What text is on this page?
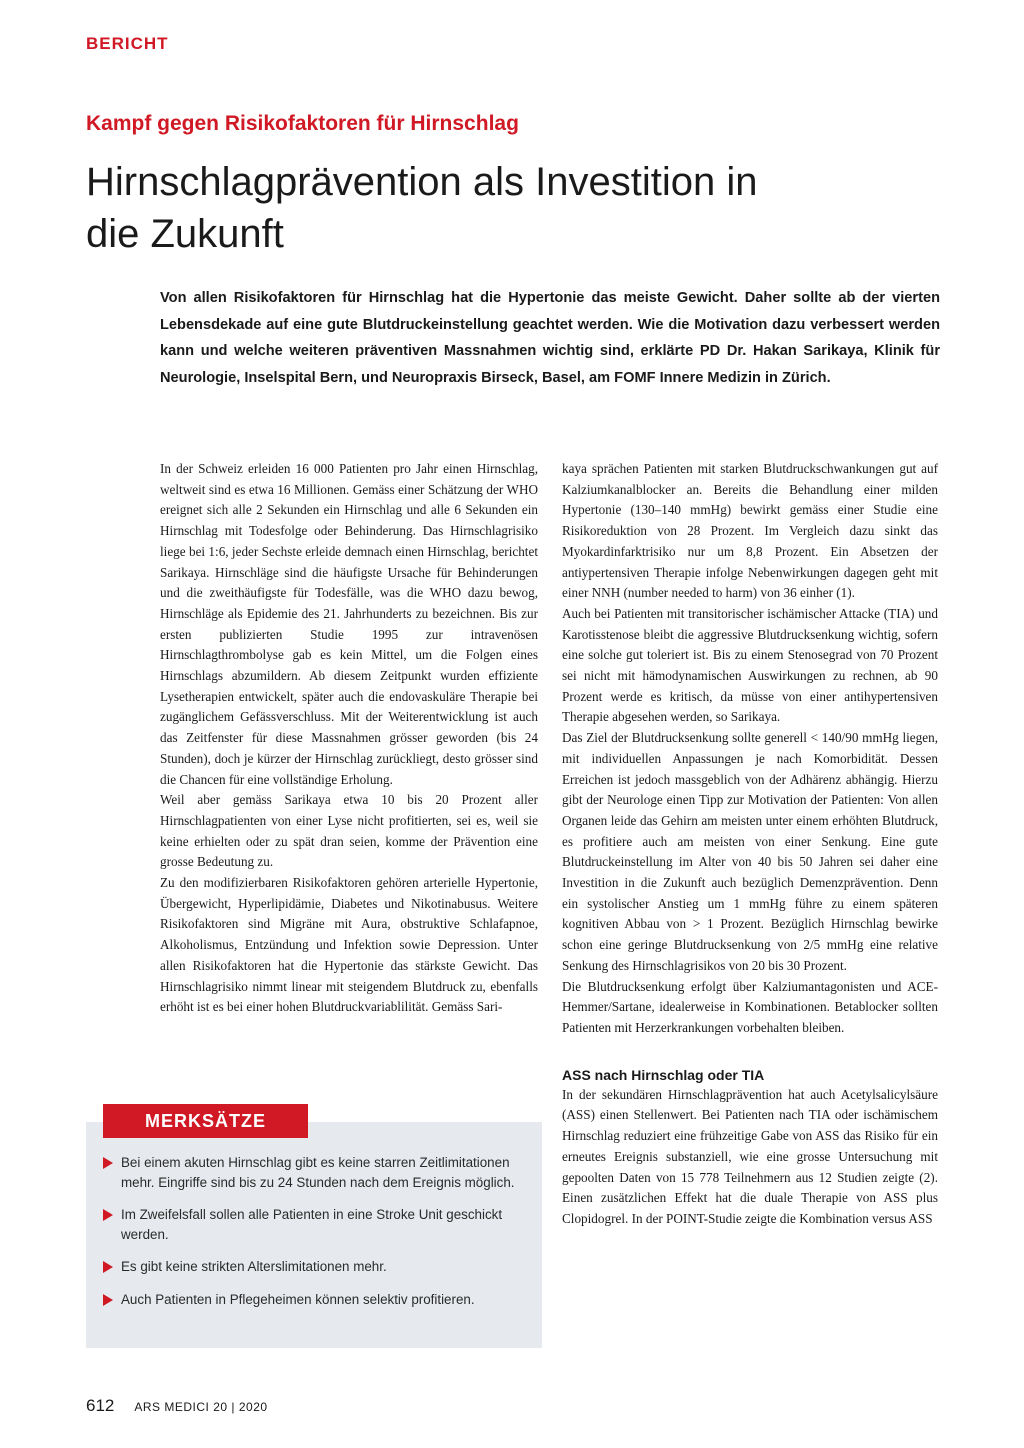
BERICHT
Kampf gegen Risikofaktoren für Hirnschlag
Hirnschlagprävention als Investition in die Zukunft

Von allen Risikofaktoren für Hirnschlag hat die Hypertonie das meiste Gewicht. Daher sollte ab der vierten Lebensdekade auf eine gute Blutdruckeinstellung geachtet werden. Wie die Motivation dazu verbessert werden kann und welche weiteren präventiven Massnahmen wichtig sind, erklärte PD Dr. Hakan Sarikaya, Klinik für Neurologie, Inselspital Bern, und Neuropraxis Birseck, Basel, am FOMF Innere Medizin in Zürich.

In der Schweiz erleiden 16 000 Patienten pro Jahr einen Hirnschlag, weltweit sind es etwa 16 Millionen. Gemäss einer Schätzung der WHO ereignet sich alle 2 Sekunden ein Hirnschlag und alle 6 Sekunden ein Hirnschlag mit Todesfolge oder Behinderung. Das Hirnschlagrisiko liege bei 1:6, jeder Sechste erleide demnach einen Hirnschlag, berichtet Sarikaya. Hirnschläge sind die häufigste Ursache für Behinderungen und die zweithäufigste für Todesfälle, was die WHO dazu bewog, Hirnschläge als Epidemie des 21. Jahrhunderts zu bezeichnen. Bis zur ersten publizierten Studie 1995 zur intravenösen Hirnschlagthrombolyse gab es kein Mittel, um die Folgen eines Hirnschlags abzumildern. Ab diesem Zeitpunkt wurden effiziente Lysetherapien entwickelt, später auch die endovaskuläre Therapie bei zugänglichem Gefässverschluss. Mit der Weiterentwicklung ist auch das Zeitfenster für diese Massnahmen grösser geworden (bis 24 Stunden), doch je kürzer der Hirnschlag zurückliegt, desto grösser sind die Chancen für eine vollständige Erholung.

Weil aber gemäss Sarikaya etwa 10 bis 20 Prozent aller Hirnschlagpatienten von einer Lyse nicht profitierten, sei es, weil sie keine erhielten oder zu spät dran seien, komme der Prävention eine grosse Bedeutung zu.

Zu den modifizierbaren Risikofaktoren gehören arterielle Hypertonie, Übergewicht, Hyperlipidämie, Diabetes und Nikotinabusus. Weitere Risikofaktoren sind Migräne mit Aura, obstruktive Schlafapnoe, Alkoholismus, Entzündung und Infektion sowie Depression. Unter allen Risikofaktoren hat die Hypertonie das stärkste Gewicht. Das Hirnschlagrisiko nimmt linear mit steigendem Blutdruck zu, ebenfalls erhöht ist es bei einer hohen Blutdruckvariablilität. Gemäss Sari-

kaya sprächen Patienten mit starken Blutdruckschwankungen gut auf Kalziumkanalblocker an. Bereits die Behandlung einer milden Hypertonie (130–140 mmHg) bewirkt gemäss einer Studie eine Risikoreduktion von 28 Prozent. Im Vergleich dazu sinkt das Myokardinfarktrisiko nur um 8,8 Prozent. Ein Absetzen der antiypertensiven Therapie infolge Nebenwirkungen dagegen geht mit einer NNH (number needed to harm) von 36 einher (1).

Auch bei Patienten mit transitorischer ischämischer Attacke (TIA) und Karotisstenose bleibt die aggressive Blutdrucksenkung wichtig, sofern eine solche gut toleriert ist. Bis zu einem Stenosegrad von 70 Prozent sei nicht mit hämodynamischen Auswirkungen zu rechnen, ab 90 Prozent werde es kritisch, da müsse von einer antihypertensiven Therapie abgesehen werden, so Sarikaya.

Das Ziel der Blutdrucksenkung sollte generell < 140/90 mmHg liegen, mit individuellen Anpassungen je nach Komorbidität. Dessen Erreichen ist jedoch massgeblich von der Adhärenz abhängig. Hierzu gibt der Neurologe einen Tipp zur Motivation der Patienten: Von allen Organen leide das Gehirn am meisten unter einem erhöhten Blutdruck, es profitiere auch am meisten von einer Senkung. Eine gute Blutdruckeinstellung im Alter von 40 bis 50 Jahren sei daher eine Investition in die Zukunft auch bezüglich Demenzprävention. Denn ein systolischer Anstieg um 1 mmHg führe zu einem späteren kognitiven Abbau von > 1 Prozent. Bezüglich Hirnschlag bewirke schon eine geringe Blutdrucksenkung von 2/5 mmHg eine relative Senkung des Hirnschlagrisikos von 20 bis 30 Prozent.

Die Blutdrucksenkung erfolgt über Kalziumantagonisten und ACE-Hemmer/Sartane, idealerweise in Kombinationen. Betablocker sollten Patienten mit Herzerkrankungen vorbehalten bleiben.

ASS nach Hirnschlag oder TIA

In der sekundären Hirnschlagprävention hat auch Acetylsalicylsäure (ASS) einen Stellenwert. Bei Patienten nach TIA oder ischämischem Hirnschlag reduziert eine frühzeitige Gabe von ASS das Risiko für ein erneutes Ereignis substanziell, wie eine grosse Untersuchung mit gepoolten Daten von 15 778 Teilnehmern aus 12 Studien zeigte (2). Einen zusätzlichen Effekt hat die duale Therapie von ASS plus Clopidogrel. In der POINT-Studie zeigte die Kombination versus ASS

MERKSÄTZE
Bei einem akuten Hirnschlag gibt es keine starren Zeitlimitationen mehr. Eingriffe sind bis zu 24 Stunden nach dem Ereignis möglich.
Im Zweifelsfall sollen alle Patienten in eine Stroke Unit geschickt werden.
Es gibt keine strikten Alterslimitationen mehr.
Auch Patienten in Pflegeheimen können selektiv profitieren.
612 ARS MEDICI 20 | 2020
